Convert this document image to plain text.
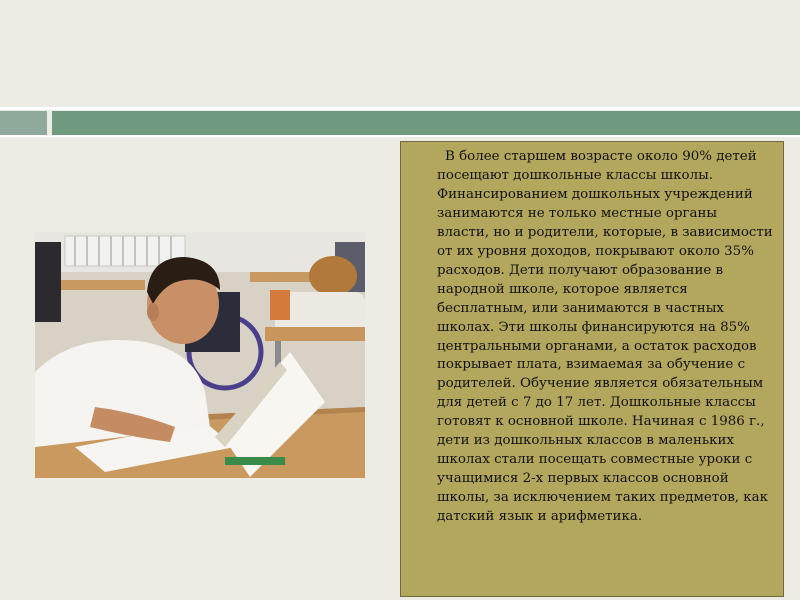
В более старшем возрасте около 90% детей посещают дошкольные классы школы. Финансированием дошкольных учреждений занимаются не только местные органы власти, но и родители, которые, в зависимости от их уровня доходов, покрывают около 35% расходов. Дети получают образование в народной школе, которое является бесплатным, или занимаются в частных школах. Эти школы финансируются на 85% центральными органами, а остаток расходов покрывает плата, взимаемая за обучение с родителей. Обучение является обязательным для детей с 7 до 17 лет. Дошкольные классы готовят к основной школе. Начиная с 1986 г., дети из дошкольных классов в маленьких школах стали посещать совместные уроки с учащимися 2-х первых классов основной школы, за исключением таких предметов, как датский язык и арифметика.
